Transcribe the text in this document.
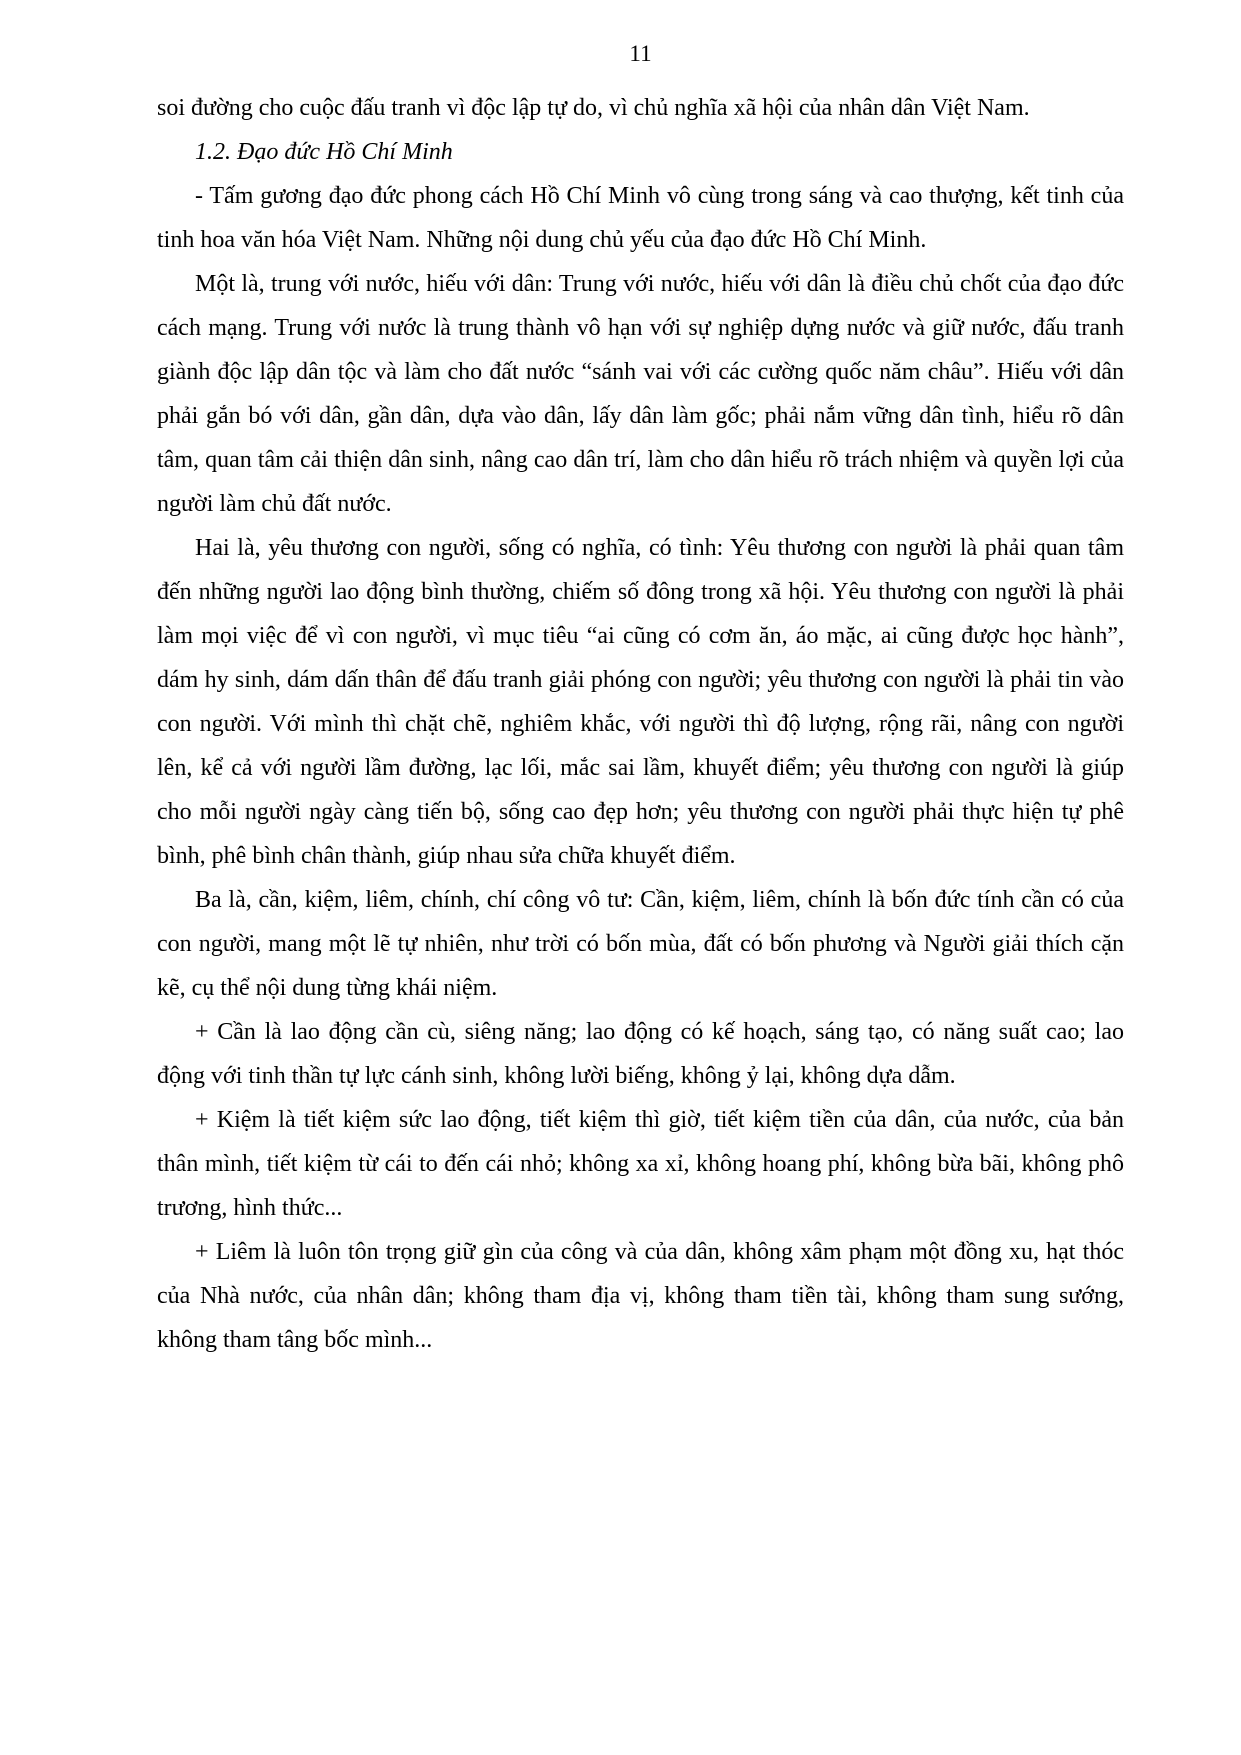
11

soi đường cho cuộc đấu tranh vì độc lập tự do, vì chủ nghĩa xã hội của nhân dân Việt Nam.

1.2. Đạo đức Hồ Chí Minh

- Tấm gương đạo đức phong cách Hồ Chí Minh vô cùng trong sáng và cao thượng, kết tinh của tinh hoa văn hóa Việt Nam. Những nội dung chủ yếu của đạo đức Hồ Chí Minh.

Một là, trung với nước, hiếu với dân: Trung với nước, hiếu với dân là điều chủ chốt của đạo đức cách mạng. Trung với nước là trung thành vô hạn với sự nghiệp dựng nước và giữ nước, đấu tranh giành độc lập dân tộc và làm cho đất nước “sánh vai với các cường quốc năm châu”. Hiếu với dân phải gắn bó với dân, gần dân, dựa vào dân, lấy dân làm gốc; phải nắm vững dân tình, hiểu rõ dân tâm, quan tâm cải thiện dân sinh, nâng cao dân trí, làm cho dân hiểu rõ trách nhiệm và quyền lợi của người làm chủ đất nước.

Hai là, yêu thương con người, sống có nghĩa, có tình: Yêu thương con người là phải quan tâm đến những người lao động bình thường, chiếm số đông trong xã hội. Yêu thương con người là phải làm mọi việc để vì con người, vì mục tiêu “ai cũng có cơm ăn, áo mặc, ai cũng được học hành”, dám hy sinh, dám dấn thân để đấu tranh giải phóng con người; yêu thương con người là phải tin vào con người. Với mình thì chặt chẽ, nghiêm khắc, với người thì độ lượng, rộng rãi, nâng con người lên, kể cả với người lầm đường, lạc lối, mắc sai lầm, khuyết điểm; yêu thương con người là giúp cho mỗi người ngày càng tiến bộ, sống cao đẹp hơn; yêu thương con người phải thực hiện tự phê bình, phê bình chân thành, giúp nhau sửa chữa khuyết điểm.

Ba là, cần, kiệm, liêm, chính, chí công vô tư: Cần, kiệm, liêm, chính là bốn đức tính cần có của con người, mang một lẽ tự nhiên, như trời có bốn mùa, đất có bốn phương và Người giải thích cặn kẽ, cụ thể nội dung từng khái niệm.

+ Cần là lao động cần cù, siêng năng; lao động có kế hoạch, sáng tạo, có năng suất cao; lao động với tinh thần tự lực cánh sinh, không lười biếng, không ỷ lại, không dựa dẫm.

+ Kiệm là tiết kiệm sức lao động, tiết kiệm thì giờ, tiết kiệm tiền của dân, của nước, của bản thân mình, tiết kiệm từ cái to đến cái nhỏ; không xa xỉ, không hoang phí, không bừa bãi, không phô trương, hình thức...

+ Liêm là luôn tôn trọng giữ gìn của công và của dân, không xâm phạm một đồng xu, hạt thóc của Nhà nước, của nhân dân; không tham địa vị, không tham tiền tài, không tham sung sướng, không tham tâng bốc mình...
